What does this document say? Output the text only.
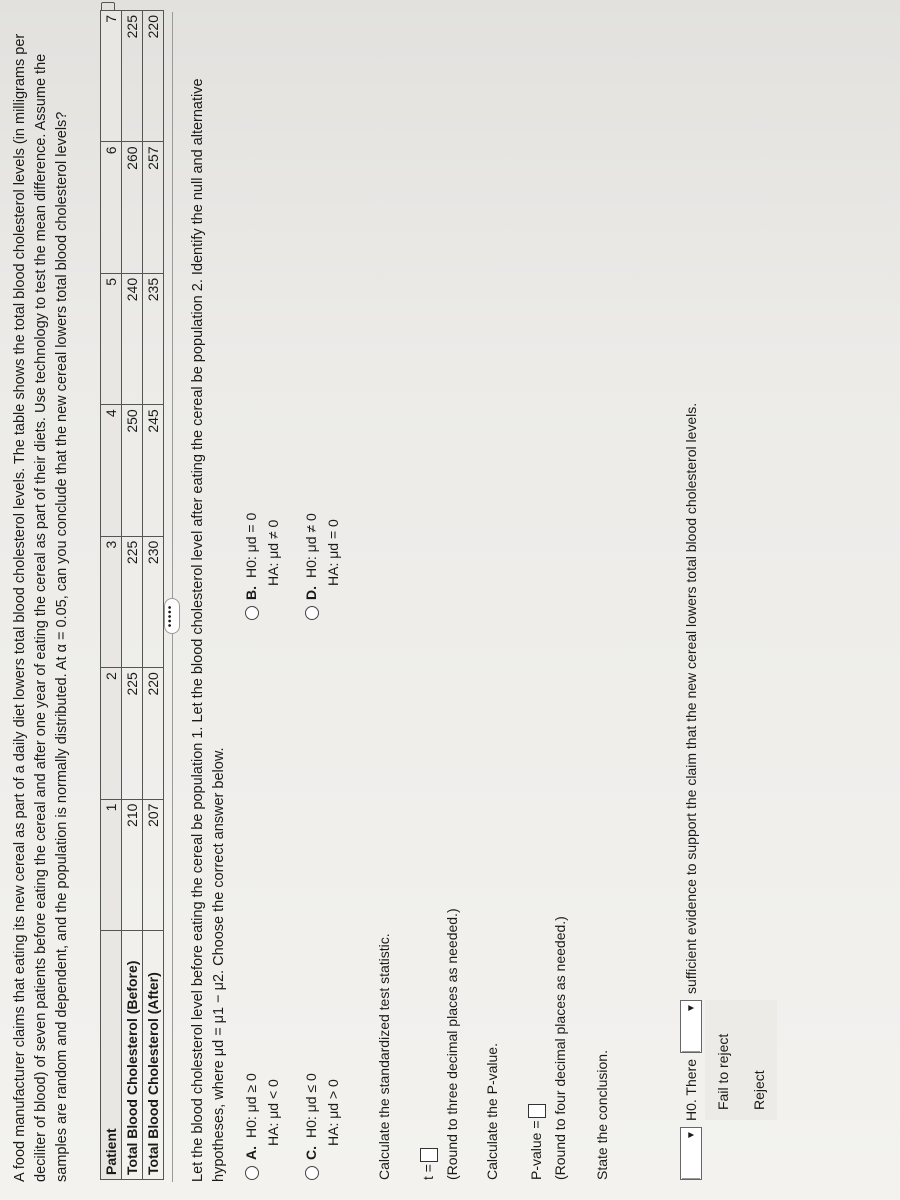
A food manufacturer claims that eating its new cereal as part of a daily diet lowers total blood cholesterol levels. The table shows the total blood cholesterol levels (in milligrams per deciliter of blood) of seven patients before eating the cereal and after one year of eating the cereal as part of their diets. Use technology to test the mean difference. Assume the samples are random and dependent, and the population is normally distributed. At α = 0.05, can you conclude that the new cereal lowers total blood cholesterol levels? Patient	1	2	3	4	5	6	7
Total Blood Cholesterol (Before)	210	225	225	250	240	260	225
Total Blood Cholesterol (After)	207	220	230	245	235	257	220
••••• Let the blood cholesterol level before eating the cereal be population 1. Let the blood cholesterol level after eating the cereal be population 2. Identify the null and alternative hypotheses, where μd = μ1 − μ2. Choose the correct answer below. A.H0: μd ≥ 0 HA: μd < 0
B.H0: μd = 0 HA: μd ≠ 0
C.H0: μd ≤ 0 HA: μd > 0
D.H0: μd ≠ 0 HA: μd = 0
Calculate the standardized test statistic. t = (Round to three decimal places as needed.) Calculate the P-value. P-value = (Round to four decimal places as needed.) State the conclusion.	▼
H0. There
▼
sufficient evidence to support the claim that the new cereal lowers total blood cholesterol levels.
Fail to reject	Reject
